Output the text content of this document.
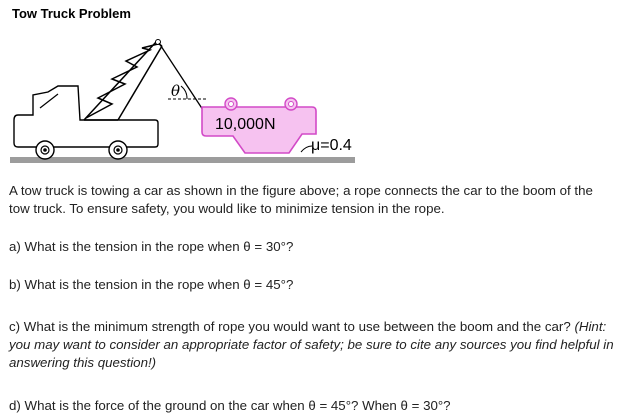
Tow Truck Problem
θ
10,000N
μ=0.4
A tow truck is towing a car as shown in the figure above; a rope connects the car to the boom of the tow truck. To ensure safety, you would like to minimize tension in the rope.
a) What is the tension in the rope when θ = 30°?
b) What is the tension in the rope when θ = 45°?
c) What is the minimum strength of rope you would want to use between the boom and the car? (Hint: you may want to consider an appropriate factor of safety; be sure to cite any sources you find helpful in answering this question!)
d) What is the force of the ground on the car when θ = 45°? When θ = 30°?
